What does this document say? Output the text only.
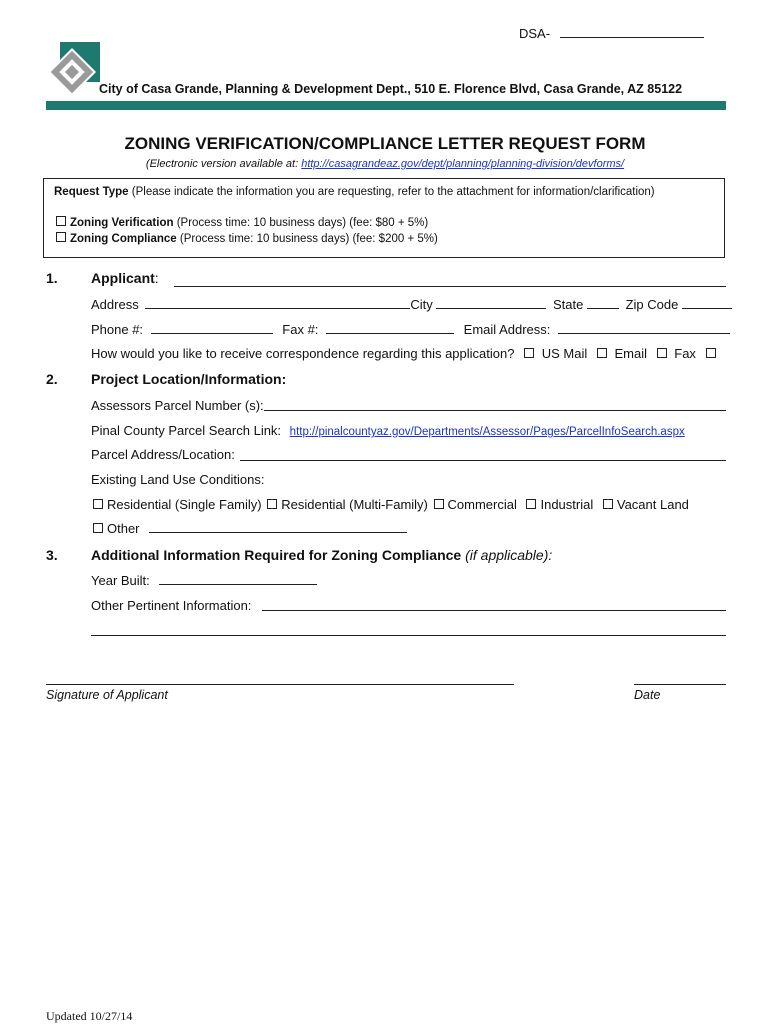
DSA-
City of Casa Grande, Planning & Development Dept., 510 E. Florence Blvd, Casa Grande, AZ 85122
ZONING VERIFICATION/COMPLIANCE LETTER REQUEST FORM
(Electronic version available at: http://casagrandeaz.gov/dept/planning/planning-division/devforms/
Request Type (Please indicate the information you are requesting, refer to the attachment for information/clarification)
Zoning Verification (Process time: 10 business days) (fee: $80 + 5%)
Zoning Compliance (Process time: 10 business days) (fee: $200 + 5%)
1. Applicant:
Address	City	State	Zip Code
Phone #:	Fax #:	Email Address:
How would you like to receive correspondence regarding this application? US Mail Email Fax
2. Project Location/Information:
Assessors Parcel Number (s):
Pinal County Parcel Search Link: http://pinalcountyaz.gov/Departments/Assessor/Pages/ParcelInfoSearch.aspx
Parcel Address/Location:
Existing Land Use Conditions:
Residential (Single Family) Residential (Multi-Family) Commercial Industrial Vacant Land
Other
3. Additional Information Required for Zoning Compliance (if applicable):
Year Built:
Other Pertinent Information:
Signature of Applicant	Date
Updated 10/27/14
